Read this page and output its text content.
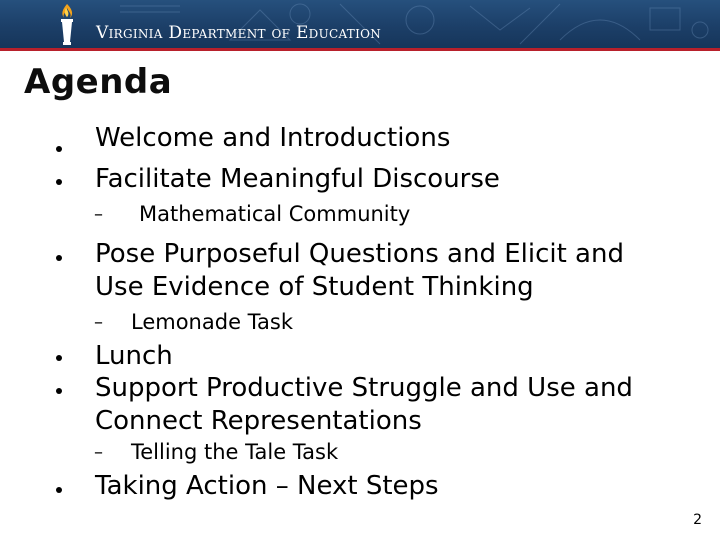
Virginia Department of Education
Agenda
Welcome and Introductions
Facilitate Meaningful Discourse
– Mathematical Community
Pose Purposeful Questions and Elicit and
Use Evidence of Student Thinking
– Lemonade Task
Lunch
Support Productive Struggle and Use and
Connect Representations
– Telling the Tale Task
Taking Action – Next Steps
2
